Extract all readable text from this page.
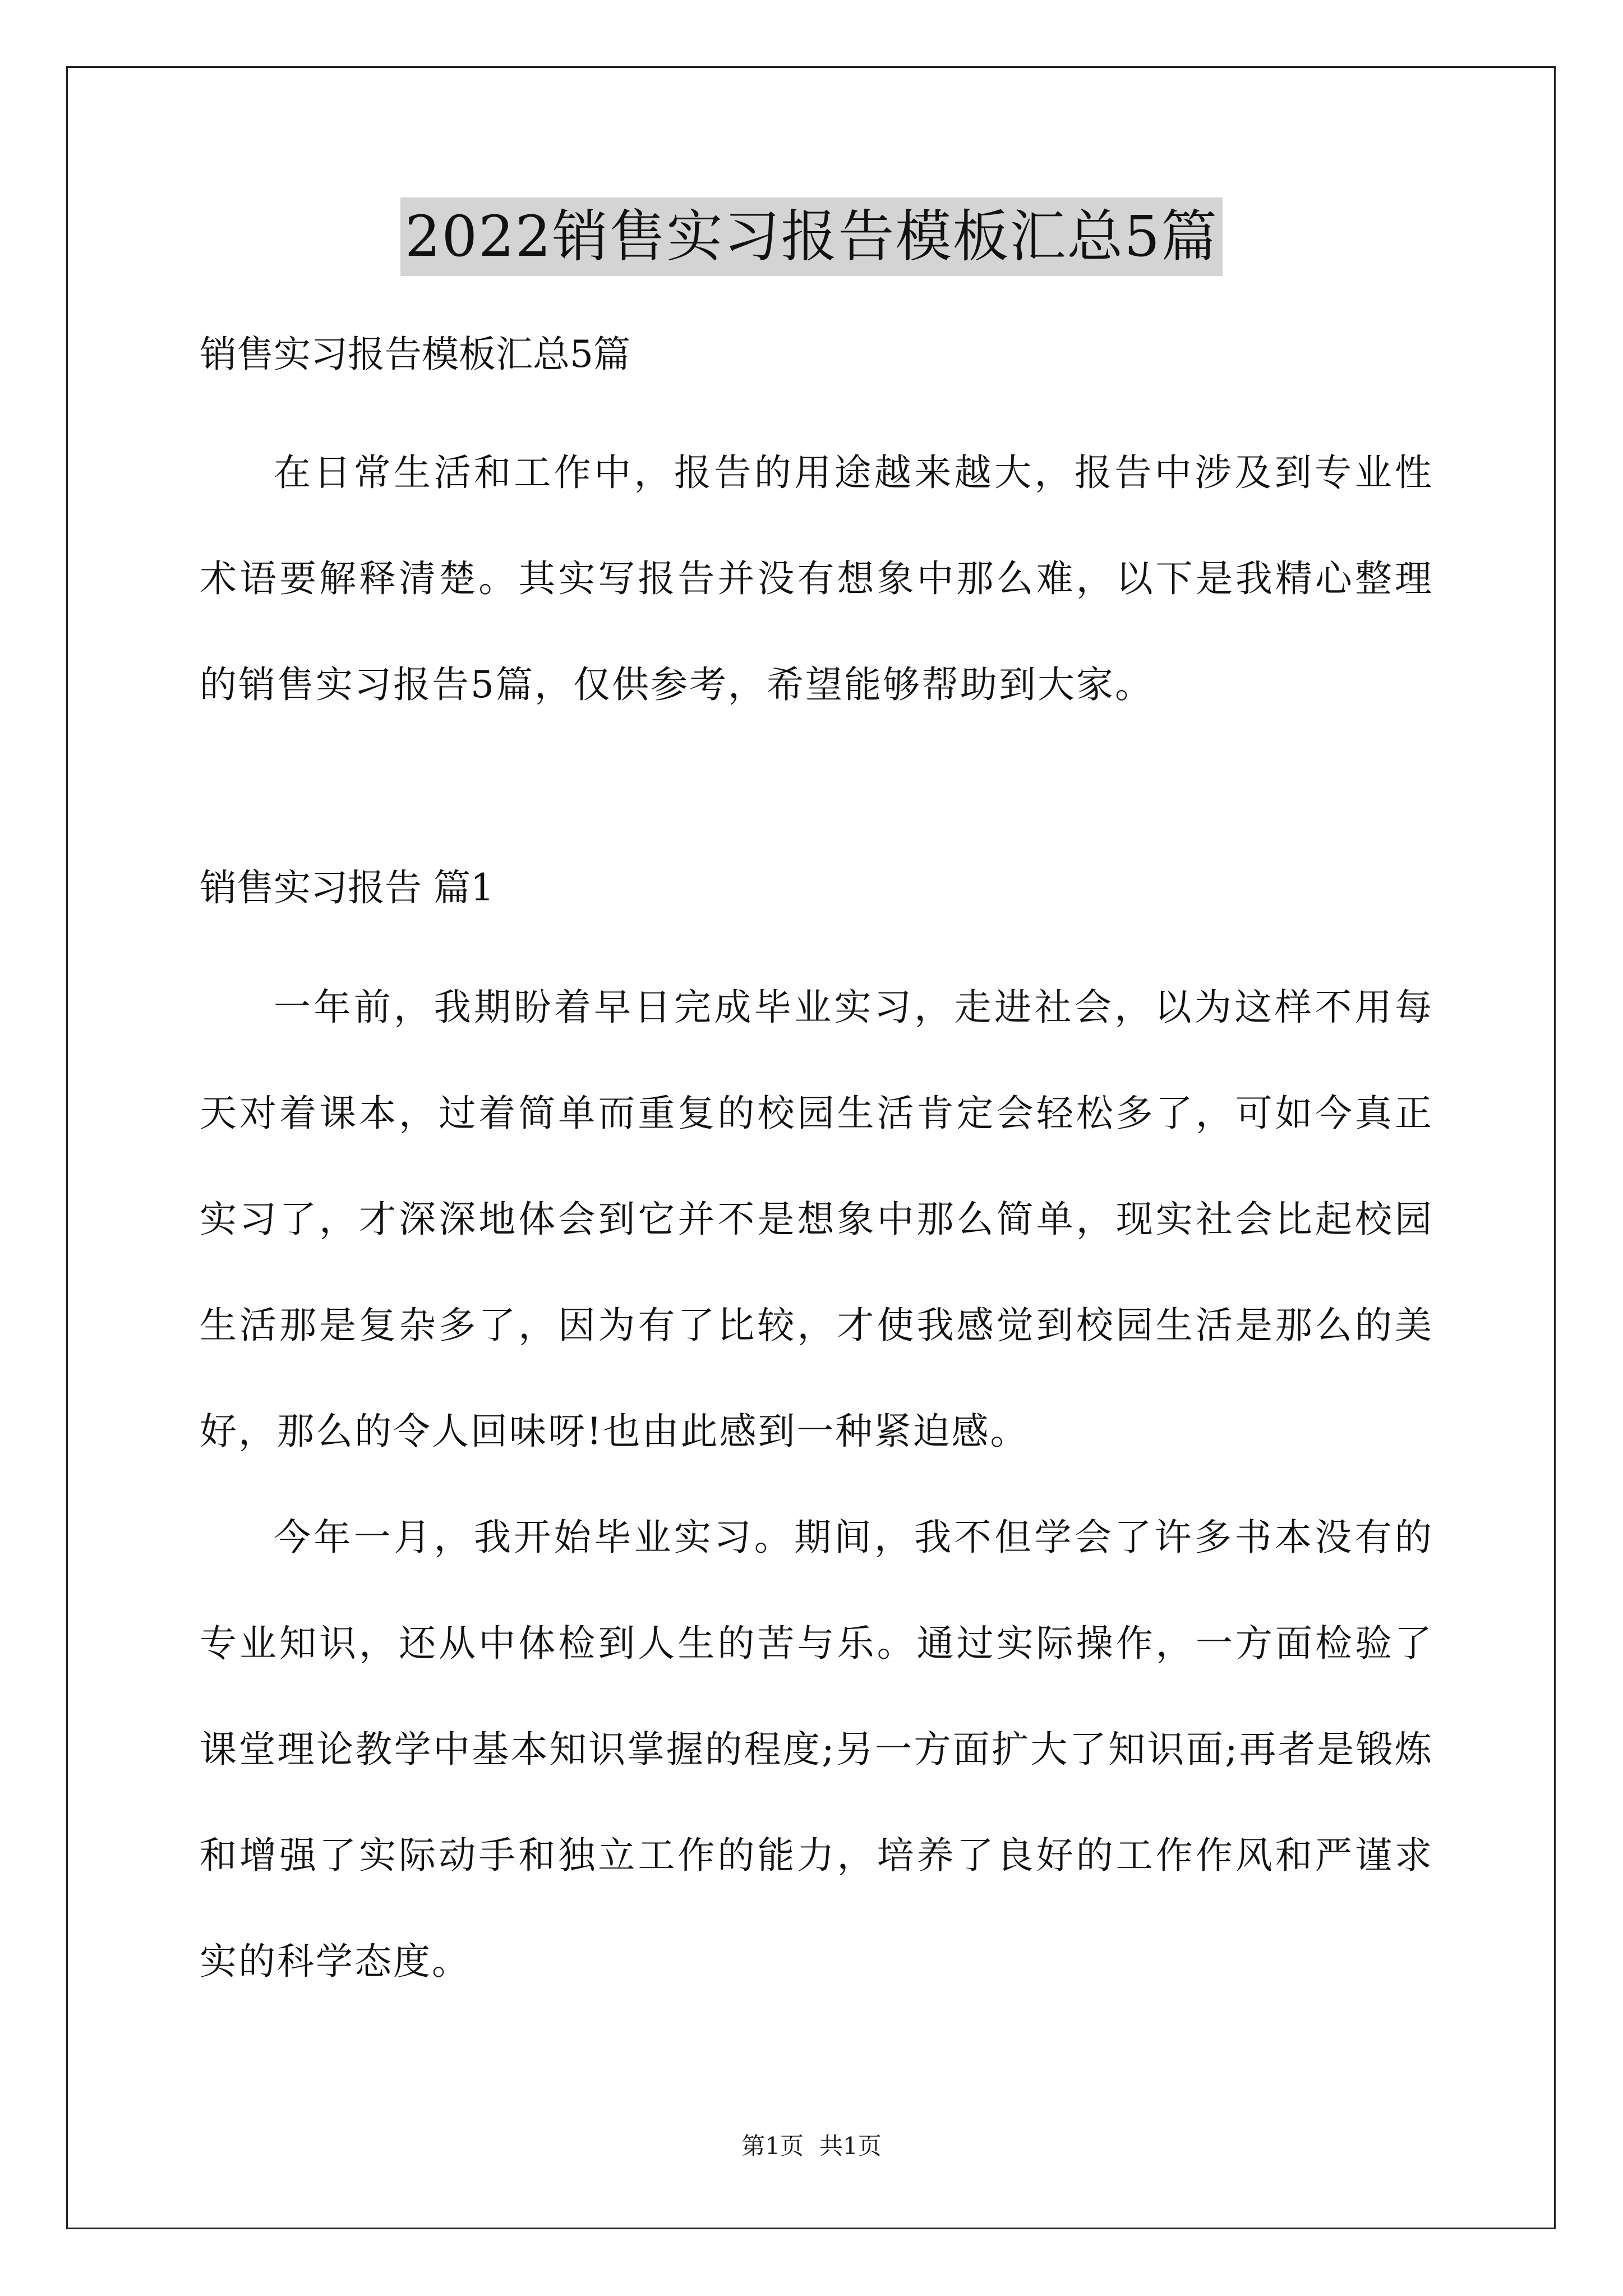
2022销售实习报告模板汇总5篇

销售实习报告模板汇总5篇

在日常生活和工作中，报告的用途越来越大，报告中涉及到专业性术语要解释清楚。其实写报告并没有想象中那么难，以下是我精心整理的销售实习报告5篇，仅供参考，希望能够帮助到大家。

销售实习报告 篇1

一年前，我期盼着早日完成毕业实习，走进社会，以为这样不用每天对着课本，过着简单而重复的校园生活肯定会轻松多了，可如今真正实习了，才深深地体会到它并不是想象中那么简单，现实社会比起校园生活那是复杂多了，因为有了比较，才使我感觉到校园生活是那么的美好，那么的令人回味呀!也由此感到一种紧迫感。

今年一月，我开始毕业实习。期间，我不但学会了许多书本没有的专业知识，还从中体检到人生的苦与乐。通过实际操作，一方面检验了课堂理论教学中基本知识掌握的程度;另一方面扩大了知识面;再者是锻炼和增强了实际动手和独立工作的能力，培养了良好的工作作风和严谨求实的科学态度。

第1页 共1页
